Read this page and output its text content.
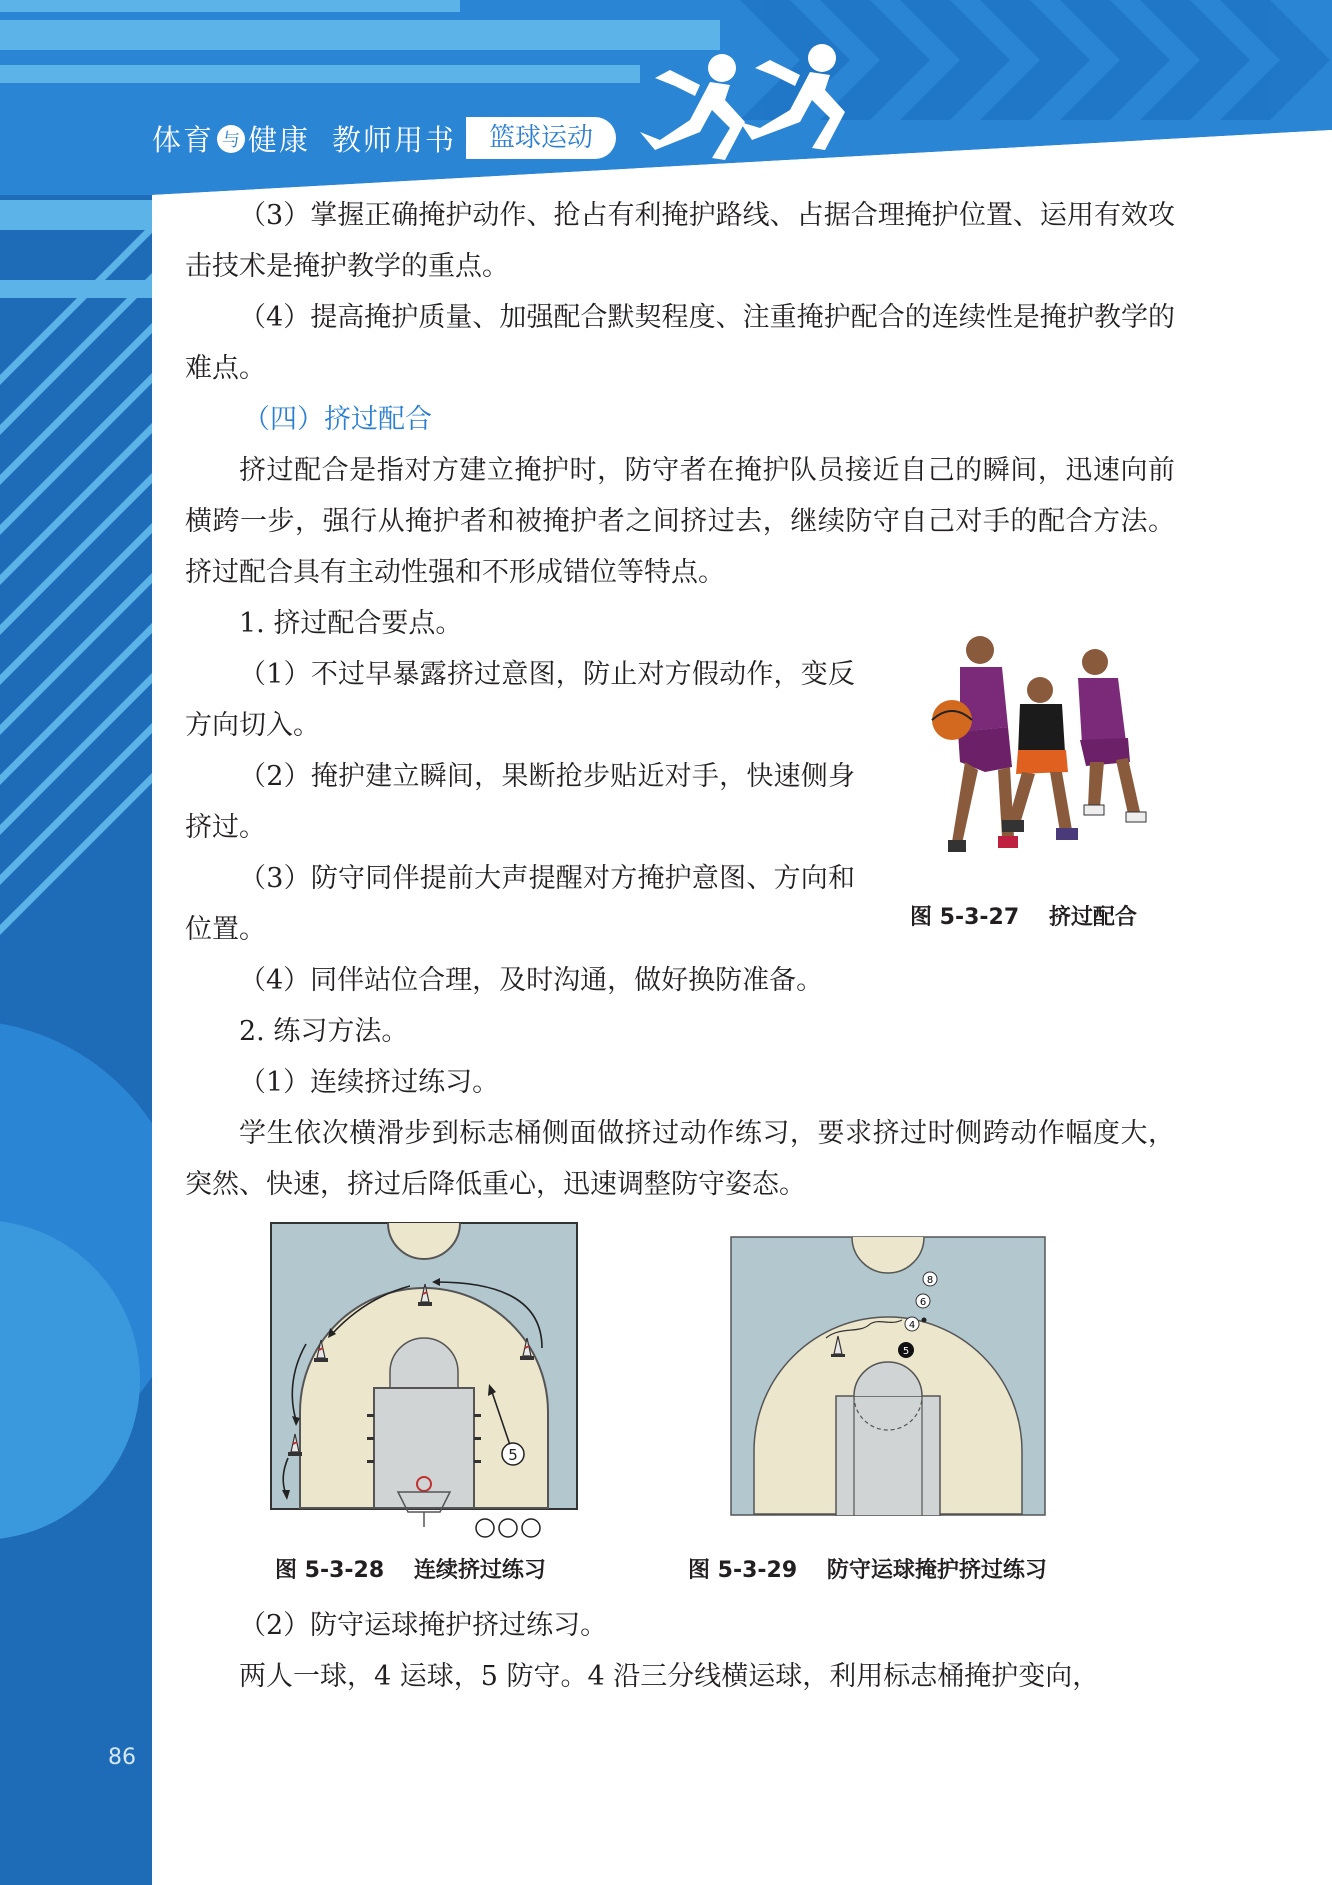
体育 与 健康 教师用书	篮球运动

（3）掌握正确掩护动作、抢占有利掩护路线、占据合理掩护位置、运用有效攻击技术是掩护教学的重点。

（4）提高掩护质量、加强配合默契程度、注重掩护配合的连续性是掩护教学的难点。

（四）挤过配合

挤过配合是指对方建立掩护时，防守者在掩护队员接近自己的瞬间，迅速向前横跨一步，强行从掩护者和被掩护者之间挤过去，继续防守自己对手的配合方法。挤过配合具有主动性强和不形成错位等特点。

1. 挤过配合要点。

（1）不过早暴露挤过意图，防止对方假动作，变反方向切入。

（2）掩护建立瞬间，果断抢步贴近对手，快速侧身挤过。

（3）防守同伴提前大声提醒对方掩护意图、方向和位置。

（4）同伴站位合理，及时沟通，做好换防准备。

2. 练习方法。

（1）连续挤过练习。

学生依次横滑步到标志桶侧面做挤过动作练习，要求挤过时侧跨动作幅度大，突然、快速，挤过后降低重心，迅速调整防守姿态。

图 5-3-27 挤过配合
5
图 5-3-28 连续挤过练习
8
6
4
5
图 5-3-29 防守运球掩护挤过练习

（2）防守运球掩护挤过练习。

两人一球，4 运球，5 防守。4 沿三分线横运球，利用标志桶掩护变向，

86
